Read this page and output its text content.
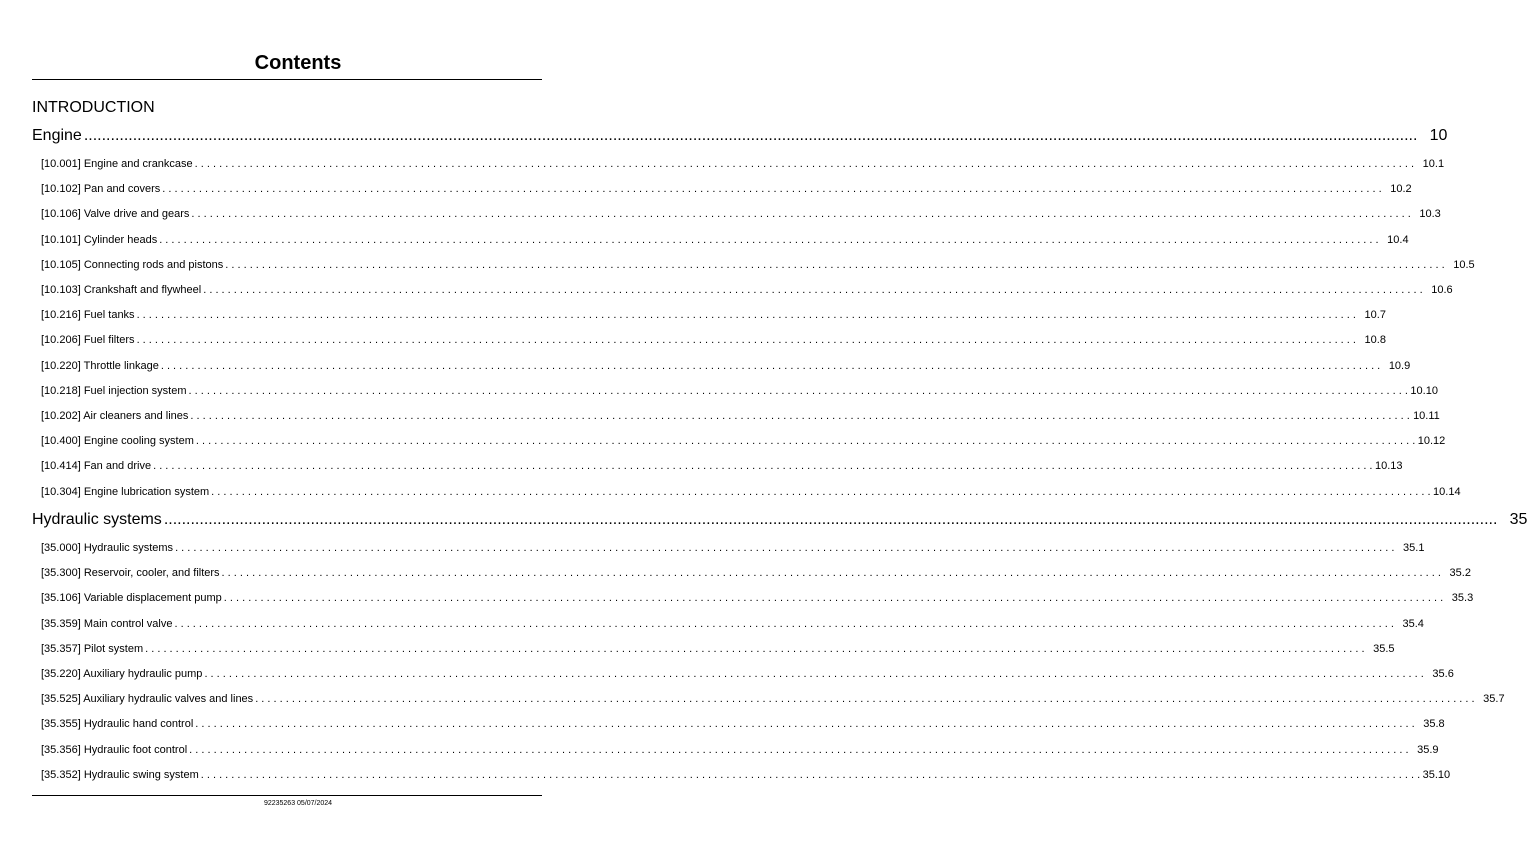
Contents
INTRODUCTION
Engine ............................................................................................................................................................................................................................................................................................................ 10
[10.001] Engine and crankcase . . . . . . . . . . . . . . . . . . . . . . . . . . . . . . . . . . . . . . . . . . . . . . . . . . . . . . . . . . . . . . . . . . . . . . . . . . . . . . . . . . . . . . . . . . . . . . . . . . . . . . . . . . . . . . . . . . . . . . . . . . . . . . . . . . . . . . . . . . . . . . . . . . . . . . . . . . . . . . . . . . . . . . . . . . . . . . . . . . . . . . . . . . . . . . . . . . . . . . . . 10.1
[10.102] Pan and covers . . . . . . . . . . . . . . . . . . . . . . . . . . . . . . . . . . . . . . . . . . . . . . . . . . . . . . . . . . . . . . . . . . . . . . . . . . . . . . . . . . . . . . . . . . . . . . . . . . . . . . . . . . . . . . . . . . . . . . . . . . . . . . . . . . . . . . . . . . . . . . . . . . . . . . . . . . . . . . . . . . . . . . . . . . . . . . . . . . . . . . . . . . . . . . . . . . . . . . . . 10.2
[10.106] Valve drive and gears . . . . . . . . . . . . . . . . . . . . . . . . . . . . . . . . . . . . . . . . . . . . . . . . . . . . . . . . . . . . . . . . . . . . . . . . . . . . . . . . . . . . . . . . . . . . . . . . . . . . . . . . . . . . . . . . . . . . . . . . . . . . . . . . . . . . . . . . . . . . . . . . . . . . . . . . . . . . . . . . . . . . . . . . . . . . . . . . . . . . . . . . . . . . . . . . . . . . . . . . 10.3
[10.101] Cylinder heads . . . . . . . . . . . . . . . . . . . . . . . . . . . . . . . . . . . . . . . . . . . . . . . . . . . . . . . . . . . . . . . . . . . . . . . . . . . . . . . . . . . . . . . . . . . . . . . . . . . . . . . . . . . . . . . . . . . . . . . . . . . . . . . . . . . . . . . . . . . . . . . . . . . . . . . . . . . . . . . . . . . . . . . . . . . . . . . . . . . . . . . . . . . . . . . . . . . . . . . . 10.4
[10.105] Connecting rods and pistons . . . . . . . . . . . . . . . . . . . . . . . . . . . . . . . . . . . . . . . . . . . . . . . . . . . . . . . . . . . . . . . . . . . . . . . . . . . . . . . . . . . . . . . . . . . . . . . . . . . . . . . . . . . . . . . . . . . . . . . . . . . . . . . . . . . . . . . . . . . . . . . . . . . . . . . . . . . . . . . . . . . . . . . . . . . . . . . . . . . . . . . . . . . . . . . . . . . . . . . . 10.5
[10.103] Crankshaft and flywheel . . . . . . . . . . . . . . . . . . . . . . . . . . . . . . . . . . . . . . . . . . . . . . . . . . . . . . . . . . . . . . . . . . . . . . . . . . . . . . . . . . . . . . . . . . . . . . . . . . . . . . . . . . . . . . . . . . . . . . . . . . . . . . . . . . . . . . . . . . . . . . . . . . . . . . . . . . . . . . . . . . . . . . . . . . . . . . . . . . . . . . . . . . . . . . . . . . . . . . . . 10.6
[10.216] Fuel tanks . . . . . . . . . . . . . . . . . . . . . . . . . . . . . . . . . . . . . . . . . . . . . . . . . . . . . . . . . . . . . . . . . . . . . . . . . . . . . . . . . . . . . . . . . . . . . . . . . . . . . . . . . . . . . . . . . . . . . . . . . . . . . . . . . . . . . . . . . . . . . . . . . . . . . . . . . . . . . . . . . . . . . . . . . . . . . . . . . . . . . . . . . . . . . . . . . . . . . . . . 10.7
[10.206] Fuel filters . . . . . . . . . . . . . . . . . . . . . . . . . . . . . . . . . . . . . . . . . . . . . . . . . . . . . . . . . . . . . . . . . . . . . . . . . . . . . . . . . . . . . . . . . . . . . . . . . . . . . . . . . . . . . . . . . . . . . . . . . . . . . . . . . . . . . . . . . . . . . . . . . . . . . . . . . . . . . . . . . . . . . . . . . . . . . . . . . . . . . . . . . . . . . . . . . . . . . . . . 10.8
[10.220] Throttle linkage . . . . . . . . . . . . . . . . . . . . . . . . . . . . . . . . . . . . . . . . . . . . . . . . . . . . . . . . . . . . . . . . . . . . . . . . . . . . . . . . . . . . . . . . . . . . . . . . . . . . . . . . . . . . . . . . . . . . . . . . . . . . . . . . . . . . . . . . . . . . . . . . . . . . . . . . . . . . . . . . . . . . . . . . . . . . . . . . . . . . . . . . . . . . . . . . . . . . . . . . 10.9
[10.218] Fuel injection system . . . . . . . . . . . . . . . . . . . . . . . . . . . . . . . . . . . . . . . . . . . . . . . . . . . . . . . . . . . . . . . . . . . . . . . . . . . . . . . . . . . . . . . . . . . . . . . . . . . . . . . . . . . . . . . . . . . . . . . . . . . . . . . . . . . . . . . . . . . . . . . . . . . . . . . . . . . . . . . . . . . . . . . . . . . . . . . . . . . . . . . . . . . . . . . . . . . . . . . . 10.10
[10.202] Air cleaners and lines . . . . . . . . . . . . . . . . . . . . . . . . . . . . . . . . . . . . . . . . . . . . . . . . . . . . . . . . . . . . . . . . . . . . . . . . . . . . . . . . . . . . . . . . . . . . . . . . . . . . . . . . . . . . . . . . . . . . . . . . . . . . . . . . . . . . . . . . . . . . . . . . . . . . . . . . . . . . . . . . . . . . . . . . . . . . . . . . . . . . . . . . . . . . . . . . . . . . . . . . 10.11
[10.400] Engine cooling system . . . . . . . . . . . . . . . . . . . . . . . . . . . . . . . . . . . . . . . . . . . . . . . . . . . . . . . . . . . . . . . . . . . . . . . . . . . . . . . . . . . . . . . . . . . . . . . . . . . . . . . . . . . . . . . . . . . . . . . . . . . . . . . . . . . . . . . . . . . . . . . . . . . . . . . . . . . . . . . . . . . . . . . . . . . . . . . . . . . . . . . . . . . . . . . . . . . . . . . . 10.12
[10.414] Fan and drive . . . . . . . . . . . . . . . . . . . . . . . . . . . . . . . . . . . . . . . . . . . . . . . . . . . . . . . . . . . . . . . . . . . . . . . . . . . . . . . . . . . . . . . . . . . . . . . . . . . . . . . . . . . . . . . . . . . . . . . . . . . . . . . . . . . . . . . . . . . . . . . . . . . . . . . . . . . . . . . . . . . . . . . . . . . . . . . . . . . . . . . . . . . . . . . . . . . . . . . . 10.13
[10.304] Engine lubrication system . . . . . . . . . . . . . . . . . . . . . . . . . . . . . . . . . . . . . . . . . . . . . . . . . . . . . . . . . . . . . . . . . . . . . . . . . . . . . . . . . . . . . . . . . . . . . . . . . . . . . . . . . . . . . . . . . . . . . . . . . . . . . . . . . . . . . . . . . . . . . . . . . . . . . . . . . . . . . . . . . . . . . . . . . . . . . . . . . . . . . . . . . . . . . . . . . . . . . . . . 10.14
Hydraulic systems ............................................................................................................................................................................................................................................................................................................ 35
[35.000] Hydraulic systems . . . . . . . . . . . . . . . . . . . . . . . . . . . . . . . . . . . . . . . . . . . . . . . . . . . . . . . . . . . . . . . . . . . . . . . . . . . . . . . . . . . . . . . . . . . . . . . . . . . . . . . . . . . . . . . . . . . . . . . . . . . . . . . . . . . . . . . . . . . . . . . . . . . . . . . . . . . . . . . . . . . . . . . . . . . . . . . . . . . . . . . . . . . . . . . . . . . . . . . . 35.1
[35.300] Reservoir, cooler, and filters . . . . . . . . . . . . . . . . . . . . . . . . . . . . . . . . . . . . . . . . . . . . . . . . . . . . . . . . . . . . . . . . . . . . . . . . . . . . . . . . . . . . . . . . . . . . . . . . . . . . . . . . . . . . . . . . . . . . . . . . . . . . . . . . . . . . . . . . . . . . . . . . . . . . . . . . . . . . . . . . . . . . . . . . . . . . . . . . . . . . . . . . . . . . . . . . . . . . . . . . 35.2
[35.106] Variable displacement pump . . . . . . . . . . . . . . . . . . . . . . . . . . . . . . . . . . . . . . . . . . . . . . . . . . . . . . . . . . . . . . . . . . . . . . . . . . . . . . . . . . . . . . . . . . . . . . . . . . . . . . . . . . . . . . . . . . . . . . . . . . . . . . . . . . . . . . . . . . . . . . . . . . . . . . . . . . . . . . . . . . . . . . . . . . . . . . . . . . . . . . . . . . . . . . . . . . . . . . . . 35.3
[35.359] Main control valve . . . . . . . . . . . . . . . . . . . . . . . . . . . . . . . . . . . . . . . . . . . . . . . . . . . . . . . . . . . . . . . . . . . . . . . . . . . . . . . . . . . . . . . . . . . . . . . . . . . . . . . . . . . . . . . . . . . . . . . . . . . . . . . . . . . . . . . . . . . . . . . . . . . . . . . . . . . . . . . . . . . . . . . . . . . . . . . . . . . . . . . . . . . . . . . . . . . . . . . . 35.4
[35.357] Pilot system . . . . . . . . . . . . . . . . . . . . . . . . . . . . . . . . . . . . . . . . . . . . . . . . . . . . . . . . . . . . . . . . . . . . . . . . . . . . . . . . . . . . . . . . . . . . . . . . . . . . . . . . . . . . . . . . . . . . . . . . . . . . . . . . . . . . . . . . . . . . . . . . . . . . . . . . . . . . . . . . . . . . . . . . . . . . . . . . . . . . . . . . . . . . . . . . . . . . . . . . 35.5
[35.220] Auxiliary hydraulic pump . . . . . . . . . . . . . . . . . . . . . . . . . . . . . . . . . . . . . . . . . . . . . . . . . . . . . . . . . . . . . . . . . . . . . . . . . . . . . . . . . . . . . . . . . . . . . . . . . . . . . . . . . . . . . . . . . . . . . . . . . . . . . . . . . . . . . . . . . . . . . . . . . . . . . . . . . . . . . . . . . . . . . . . . . . . . . . . . . . . . . . . . . . . . . . . . . . . . . . . . 35.6
[35.525] Auxiliary hydraulic valves and lines . . . . . . . . . . . . . . . . . . . . . . . . . . . . . . . . . . . . . . . . . . . . . . . . . . . . . . . . . . . . . . . . . . . . . . . . . . . . . . . . . . . . . . . . . . . . . . . . . . . . . . . . . . . . . . . . . . . . . . . . . . . . . . . . . . . . . . . . . . . . . . . . . . . . . . . . . . . . . . . . . . . . . . . . . . . . . . . . . . . . . . . . . . . . . . . . . . . . . . . . 35.7
[35.355] Hydraulic hand control . . . . . . . . . . . . . . . . . . . . . . . . . . . . . . . . . . . . . . . . . . . . . . . . . . . . . . . . . . . . . . . . . . . . . . . . . . . . . . . . . . . . . . . . . . . . . . . . . . . . . . . . . . . . . . . . . . . . . . . . . . . . . . . . . . . . . . . . . . . . . . . . . . . . . . . . . . . . . . . . . . . . . . . . . . . . . . . . . . . . . . . . . . . . . . . . . . . . . . . . 35.8
[35.356] Hydraulic foot control . . . . . . . . . . . . . . . . . . . . . . . . . . . . . . . . . . . . . . . . . . . . . . . . . . . . . . . . . . . . . . . . . . . . . . . . . . . . . . . . . . . . . . . . . . . . . . . . . . . . . . . . . . . . . . . . . . . . . . . . . . . . . . . . . . . . . . . . . . . . . . . . . . . . . . . . . . . . . . . . . . . . . . . . . . . . . . . . . . . . . . . . . . . . . . . . . . . . . . . . 35.9
[35.352] Hydraulic swing system . . . . . . . . . . . . . . . . . . . . . . . . . . . . . . . . . . . . . . . . . . . . . . . . . . . . . . . . . . . . . . . . . . . . . . . . . . . . . . . . . . . . . . . . . . . . . . . . . . . . . . . . . . . . . . . . . . . . . . . . . . . . . . . . . . . . . . . . . . . . . . . . . . . . . . . . . . . . . . . . . . . . . . . . . . . . . . . . . . . . . . . . . . . . . . . . . . . . . . . . 35.10
92235263 05/07/2024
